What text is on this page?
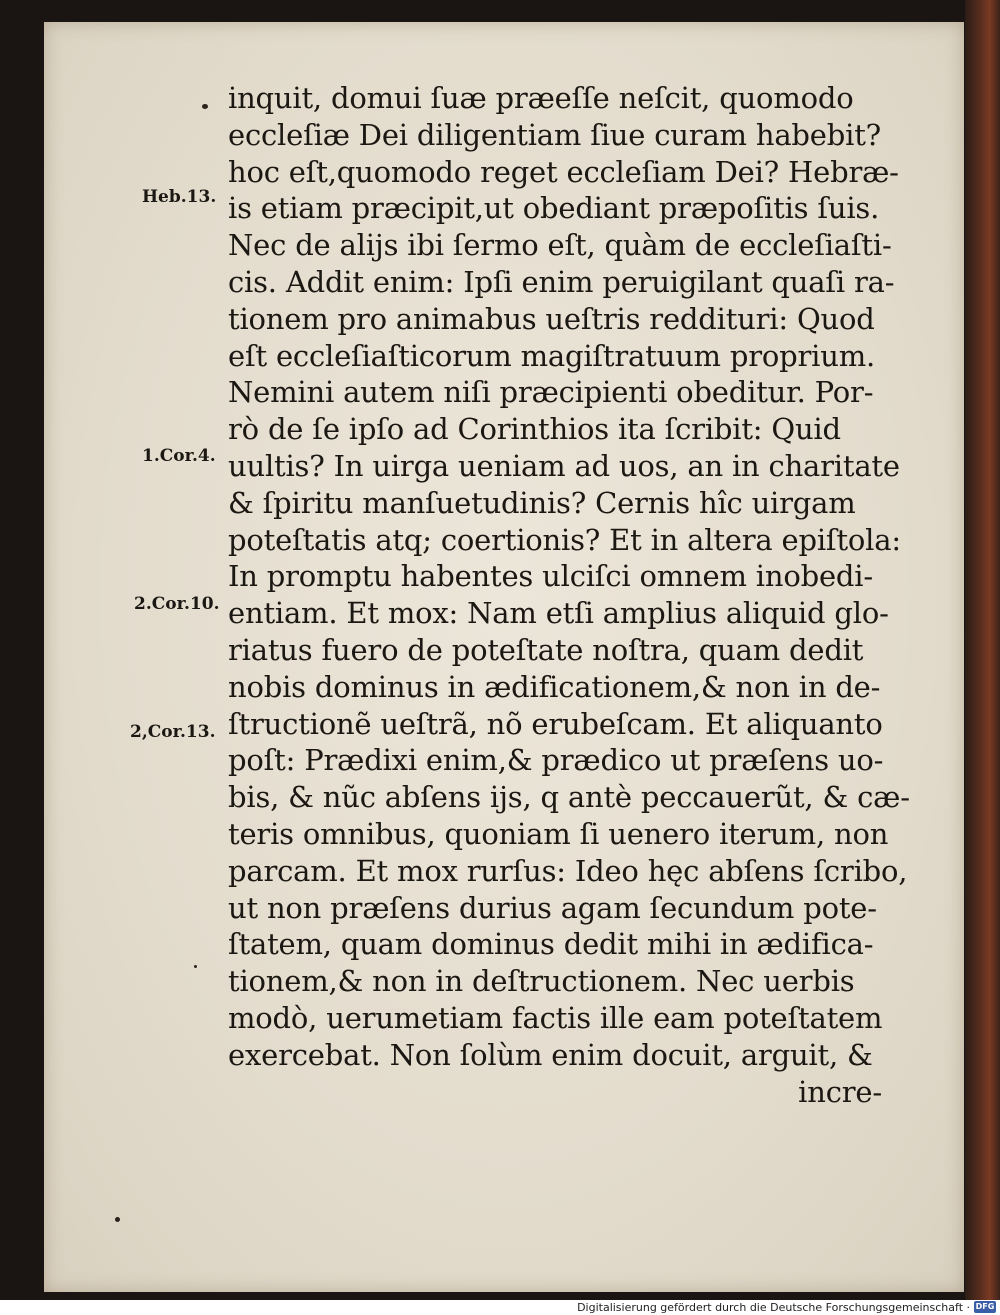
Heb.13.
1.Cor.4.
2.Cor.10.
2,Cor.13.
inquit, domui ſuæ præeſſe neſcit, quomodo
eccleſiæ Dei diligentiam ſiue curam habebit?
hoc eſt,quomodo reget eccleſiam Dei? Hebræ-
is etiam præcipit,ut obediant præpoſitis ſuis.
Nec de alijs ibi ſermo eſt, quàm de eccleſiaſti-
cis. Addit enim: Ipſi enim peruigilant quaſi ra-
tionem pro animabus ueſtris reddituri: Quod
eſt eccleſiaſticorum magiſtratuum proprium.
Nemini autem niſi præcipienti obeditur. Por-
rò de ſe ipſo ad Corinthios ita ſcribit: Quid
uultis? In uirga ueniam ad uos, an in charitate
& ſpiritu manſuetudinis? Cernis hîc uirgam
poteſtatis atq; coertionis? Et in altera epiſtola:
In promptu habentes ulciſci omnem inobedi-
entiam. Et mox: Nam etſi amplius aliquid glo-
riatus fuero de poteſtate noſtra, quam dedit
nobis dominus in ædificationem,& non in de-
ſtructionẽ ueſtrã, nõ erubeſcam. Et aliquanto
poſt: Prædixi enim,& prædico ut præſens uo-
bis, & nũc abſens ijs, q antè peccauerũt, & cæ-
teris omnibus, quoniam ſi uenero iterum, non
parcam. Et mox rurſus: Ideo hęc abſens ſcribo,
ut non præſens durius agam ſecundum pote-
ſtatem, quam dominus dedit mihi in ædifica-
tionem,& non in deſtructionem. Nec uerbis
modò, uerumetiam factis ille eam poteſtatem
exercebat. Non ſolùm enim docuit, arguit, &
incre-
Digitalisierung gefördert durch die Deutsche Forschungsgemeinschaft · DFG
